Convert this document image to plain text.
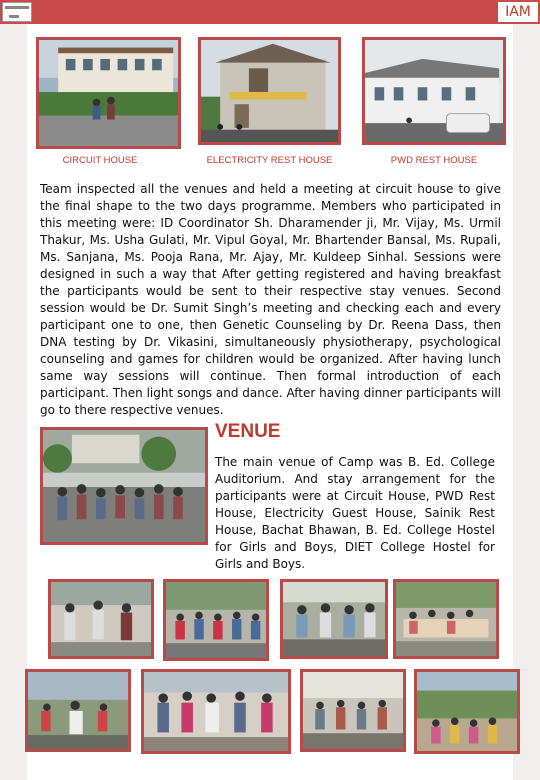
IAM
CIRCUIT HOUSE	ELECTRICITY REST HOUSE	PWD REST HOUSE

Team inspected all the venues and held a meeting at circuit house to give the final shape to the two days programme. Members who participated in this meeting were: ID Coordinator Sh. Dharamender ji, Mr. Vijay, Ms. Urmil Thakur, Ms. Usha Gulati, Mr. Vipul Goyal, Mr. Bhartender Bansal, Ms. Rupali, Ms. Sanjana, Ms. Pooja Rana, Mr. Ajay, Mr. Kuldeep Sinhal. Sessions were designed in such a way that After getting registered and having breakfast the participants would be sent to their respective stay venues. Second session would be Dr. Sumit Singh’s meeting and checking each and every participant one to one, then Genetic Counseling by Dr. Reena Dass, then DNA testing by Dr. Vikasini, simultaneously physiotherapy, psychological counseling and games for children would be organized. After having lunch same way sessions will continue. Then formal introduction of each participant. Then light songs and dance. After having dinner participants will go to there respective venues.

VENUE

The main venue of Camp was B. Ed. College Auditorium. And stay arrangement for the participants were at Circuit House, PWD Rest House, Electricity Guest House, Sainik Rest House, Bachat Bhawan, B. Ed. College Hostel for Girls and Boys, DIET College Hostel for Girls and Boys.
